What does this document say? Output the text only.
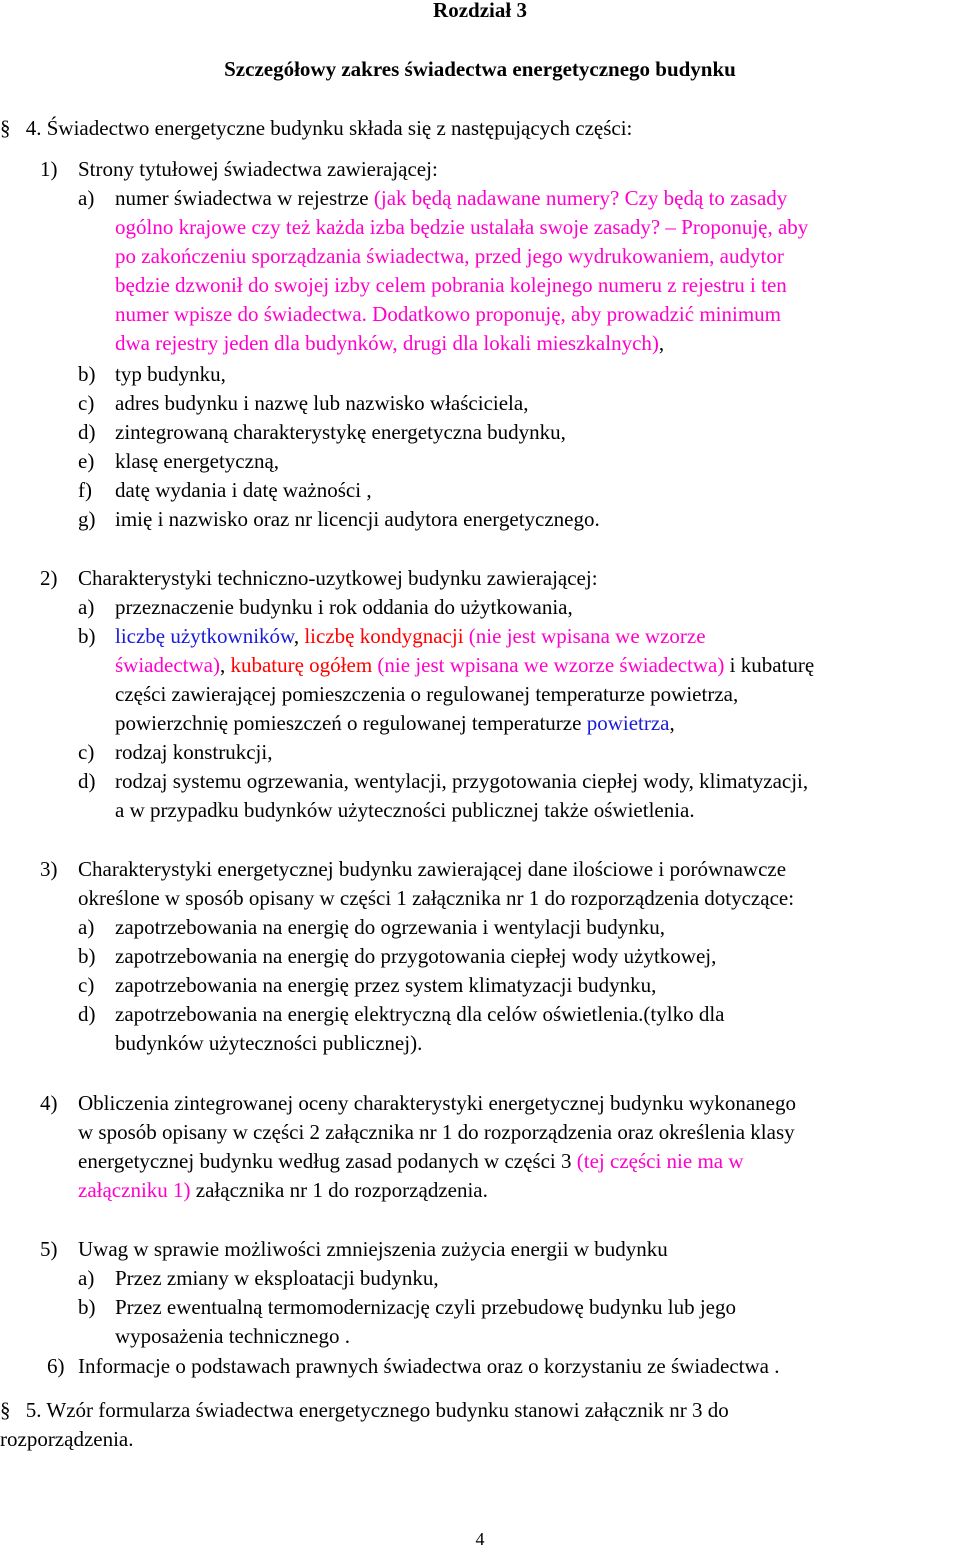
Rozdział 3
Szczegółowy zakres świadectwa energetycznego budynku
§ 4. Świadectwo energetyczne budynku składa się z następujących części:
1) Strony tytułowej świadectwa zawierającej:
a) numer świadectwa w rejestrze (jak będą nadawane numery? Czy będą to zasady
ogólno krajowe czy też każda izba będzie ustalała swoje zasady? – Proponuję, aby
po zakończeniu sporządzania świadectwa, przed jego wydrukowaniem, audytor
będzie dzwonił do swojej izby celem pobrania kolejnego numeru z rejestru i ten
numer wpisze do świadectwa. Dodatkowo proponuję, aby prowadzić minimum
dwa rejestry jeden dla budynków, drugi dla lokali mieszkalnych),
b) typ budynku,
c) adres budynku i nazwę lub nazwisko właściciela,
d) zintegrowaną charakterystykę energetyczna budynku,
e) klasę energetyczną,
f) datę wydania i datę ważności ,
g) imię i nazwisko oraz nr licencji audytora energetycznego.
2) Charakterystyki techniczno-uzytkowej budynku zawierającej:
a) przeznaczenie budynku i rok oddania do użytkowania,
b) liczbę użytkowników, liczbę kondygnacji (nie jest wpisana we wzorze
świadectwa), kubaturę ogółem (nie jest wpisana we wzorze świadectwa) i kubaturę
części zawierającej pomieszczenia o regulowanej temperaturze powietrza,
powierzchnię pomieszczeń o regulowanej temperaturze powietrza,
c) rodzaj konstrukcji,
d) rodzaj systemu ogrzewania, wentylacji, przygotowania ciepłej wody, klimatyzacji,
a w przypadku budynków użyteczności publicznej także oświetlenia.
3) Charakterystyki energetycznej budynku zawierającej dane ilościowe i porównawcze
określone w sposób opisany w części 1 załącznika nr 1 do rozporządzenia dotyczące:
a) zapotrzebowania na energię do ogrzewania i wentylacji budynku,
b) zapotrzebowania na energię do przygotowania ciepłej wody użytkowej,
c) zapotrzebowania na energię przez system klimatyzacji budynku,
d) zapotrzebowania na energię elektryczną dla celów oświetlenia.(tylko dla
budynków użyteczności publicznej).
4) Obliczenia zintegrowanej oceny charakterystyki energetycznej budynku wykonanego
w sposób opisany w części 2 załącznika nr 1 do rozporządzenia oraz określenia klasy
energetycznej budynku według zasad podanych w części 3 (tej części nie ma w
załączniku 1) załącznika nr 1 do rozporządzenia.
5) Uwag w sprawie możliwości zmniejszenia zużycia energii w budynku
a) Przez zmiany w eksploatacji budynku,
b) Przez ewentualną termomodernizację czyli przebudowę budynku lub jego
wyposażenia technicznego .
6) Informacje o podstawach prawnych świadectwa oraz o korzystaniu ze świadectwa .
§ 5. Wzór formularza świadectwa energetycznego budynku stanowi załącznik nr 3 do
rozporządzenia.
4
